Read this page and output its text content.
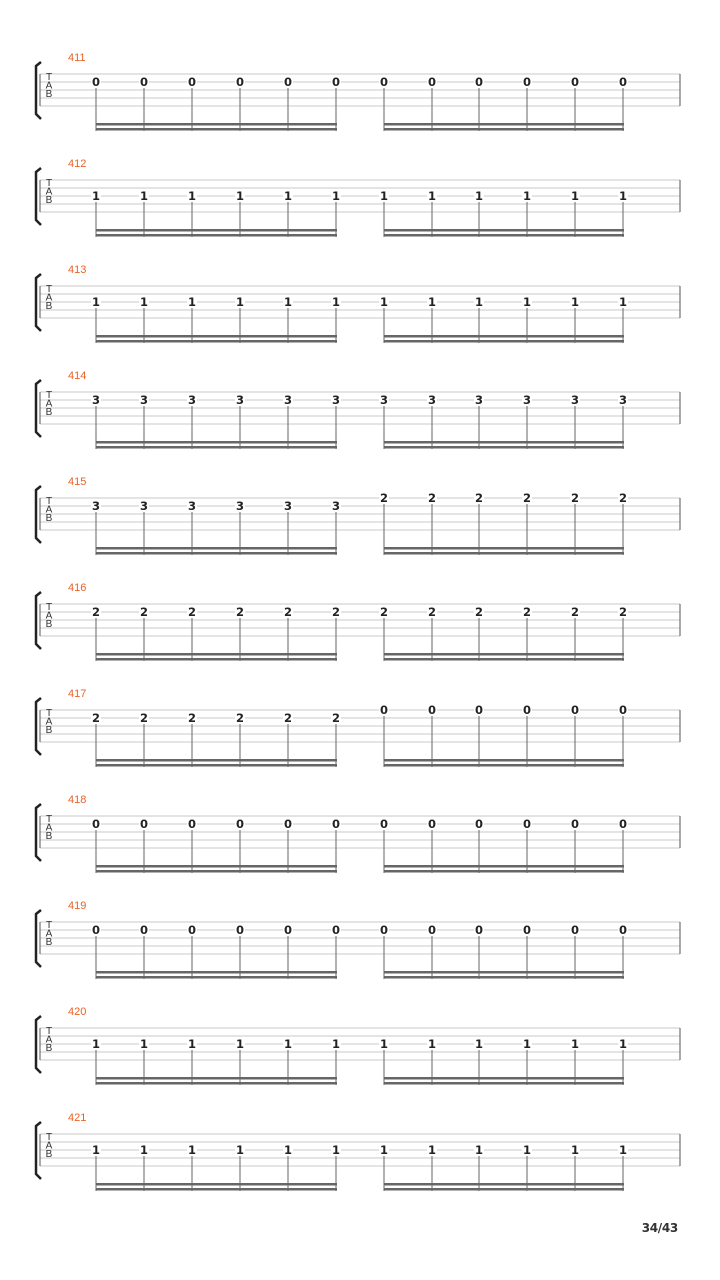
411
T
A
B
0	0	0	0	0	0	0	0	0	0	0	0
412
T
A
B	1	1	1	1	1	1	1	1	1	1	1	1
413
T
A
B	1	1	1	1	1	1	1	1	1	1	1	1
414
T
A
B
3	3	3	3	3	3	3	3	3	3	3	3
415
T
A
B
3	3	3	3	3	3
2	2	2	2	2	2
416
T
A
B
2	2	2	2	2	2	2	2	2	2	2	2
417
T
A
B
2	2	2	2	2	2
0	0	0	0	0	0
418
T
A
B
0	0	0	0	0	0	0	0	0	0	0	0
419
T
A
B
0	0	0	0	0	0	0	0	0	0	0	0
420
T
A
B	1	1	1	1	1	1	1	1	1	1	1	1
421
T
A
B	1	1	1	1	1	1	1	1	1	1	1	1
34/43
